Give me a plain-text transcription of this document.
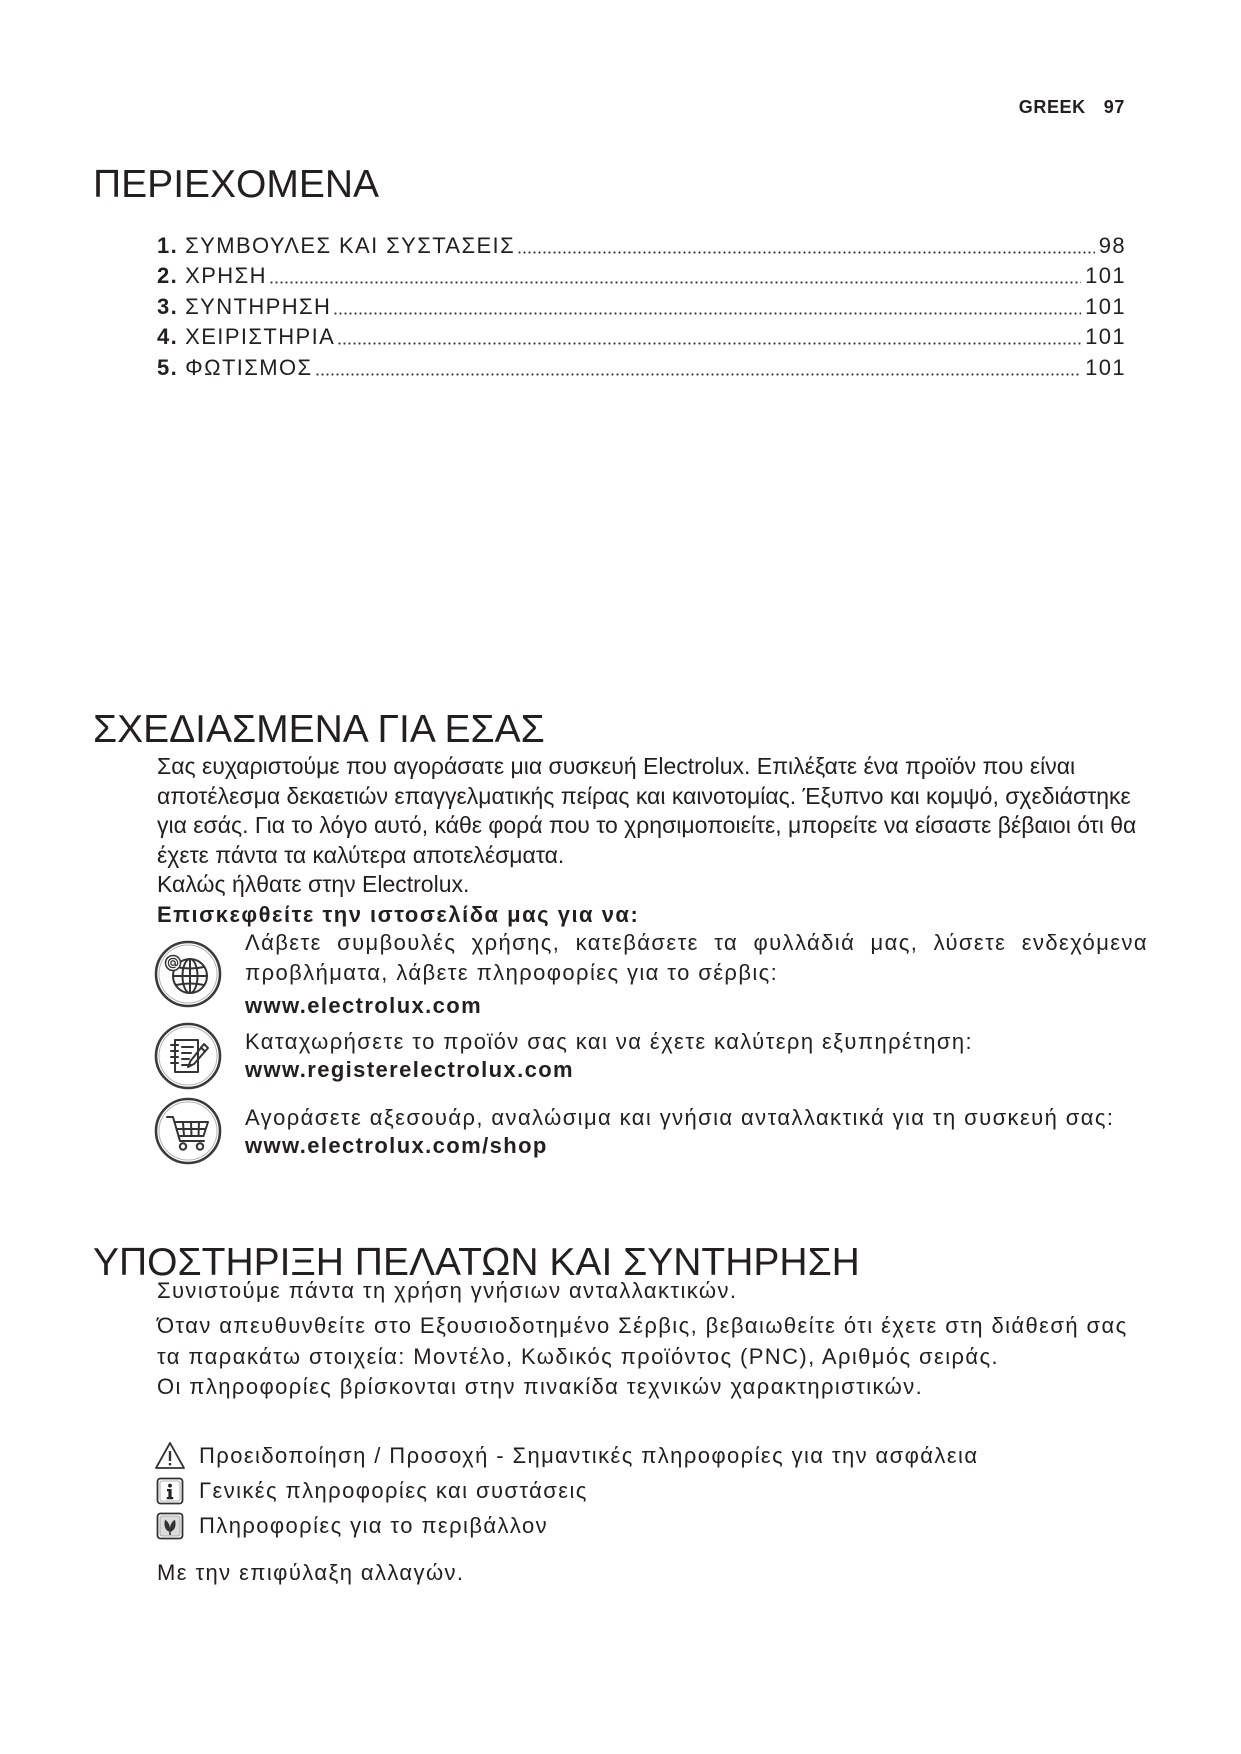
GREEK 97
ΠΕΡΙΕΧΟΜΕΝΑ
1. ΣΥΜΒΟΥΛΕΣ ΚΑΙ ΣΥΣΤΑΣΕΙΣ	98
2. ΧΡΗΣΗ	101
3. ΣΥΝΤΗΡΗΣΗ	101
4. ΧΕΙΡΙΣΤΗΡΙΑ	101
5. ΦΩΤΙΣΜΟΣ	101
ΣΧΕΔΙΑΣΜΕΝΑ ΓΙΑ ΕΣΑΣ
Σας ευχαριστούμε που αγοράσατε μια συσκευή Electrolux. Επιλέξατε ένα προϊόν που είναι
αποτέλεσμα δεκαετιών επαγγελματικής πείρας και καινοτομίας. Έξυπνο και κομψό, σχεδιάστηκε
για εσάς. Για το λόγο αυτό, κάθε φορά που το χρησιμοποιείτε, μπορείτε να είσαστε βέβαιοι ότι θα
έχετε πάντα τα καλύτερα αποτελέσματα.
Καλώς ήλθατε στην Electrolux.
Επισκεφθείτε την ιστοσελίδα μας για να:
Λάβετε συμβουλές χρήσης, κατεβάσετε τα φυλλάδιά μας, λύσετε ενδεχόμενα
προβλήματα, λάβετε πληροφορίες για το σέρβις:
www.electrolux.com
Καταχωρήσετε το προϊόν σας και να έχετε καλύτερη εξυπηρέτηση:
www.registerelectrolux.com
Αγοράσετε αξεσουάρ, αναλώσιμα και γνήσια ανταλλακτικά για τη συσκευή σας:
www.electrolux.com/shop
ΥΠΟΣΤΗΡΙΞΗ ΠΕΛΑΤΩΝ ΚΑΙ ΣΥΝΤΗΡΗΣΗ
Συνιστούμε πάντα τη χρήση γνήσιων ανταλλακτικών.
Όταν απευθυνθείτε στο Εξουσιοδοτημένο Σέρβις, βεβαιωθείτε ότι έχετε στη διάθεσή σας
τα παρακάτω στοιχεία: Μοντέλο, Κωδικός προϊόντος (PNC), Αριθμός σειράς.
Οι πληροφορίες βρίσκονται στην πινακίδα τεχνικών χαρακτηριστικών.
Προειδοποίηση / Προσοχή - Σημαντικές πληροφορίες για την ασφάλεια
Γενικές πληροφορίες και συστάσεις
Πληροφορίες για το περιβάλλον
Με την επιφύλαξη αλλαγών.
